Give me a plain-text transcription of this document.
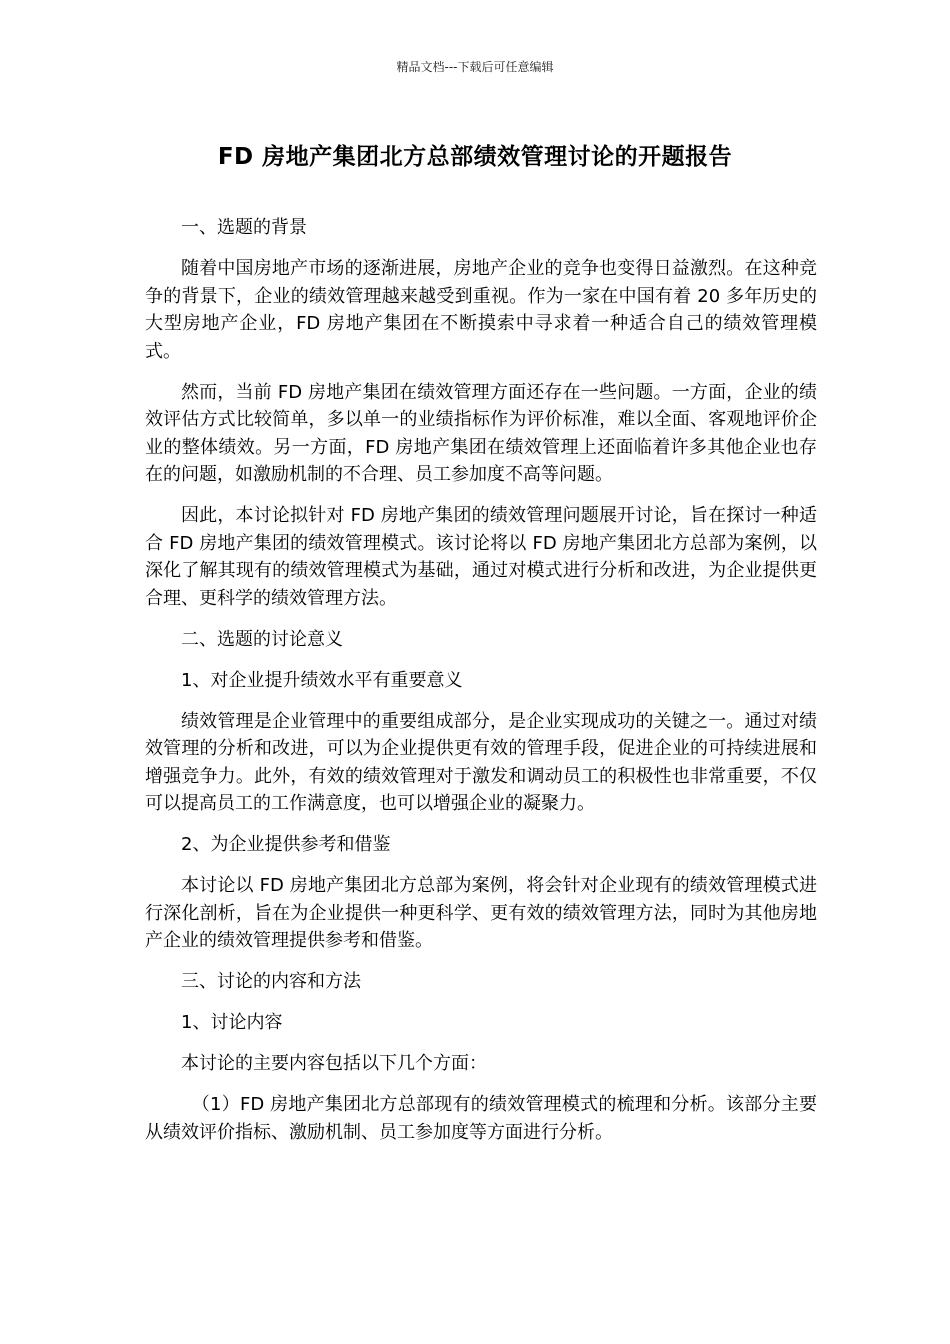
精品文档---下载后可任意编辑
FD 房地产集团北方总部绩效管理讨论的开题报告
一、选题的背景
随着中国房地产市场的逐渐进展，房地产企业的竞争也变得日益激烈。在这种竞争的背景下，企业的绩效管理越来越受到重视。作为一家在中国有着 20 多年历史的大型房地产企业，FD 房地产集团在不断摸索中寻求着一种适合自己的绩效管理模式。
然而，当前 FD 房地产集团在绩效管理方面还存在一些问题。一方面，企业的绩效评估方式比较简单，多以单一的业绩指标作为评价标准，难以全面、客观地评价企业的整体绩效。另一方面，FD 房地产集团在绩效管理上还面临着许多其他企业也存在的问题，如激励机制的不合理、员工参加度不高等问题。
因此，本讨论拟针对 FD 房地产集团的绩效管理问题展开讨论，旨在探讨一种适合 FD 房地产集团的绩效管理模式。该讨论将以 FD 房地产集团北方总部为案例，以深化了解其现有的绩效管理模式为基础，通过对模式进行分析和改进，为企业提供更合理、更科学的绩效管理方法。
二、选题的讨论意义
1、对企业提升绩效水平有重要意义
绩效管理是企业管理中的重要组成部分，是企业实现成功的关键之一。通过对绩效管理的分析和改进，可以为企业提供更有效的管理手段，促进企业的可持续进展和增强竞争力。此外，有效的绩效管理对于激发和调动员工的积极性也非常重要，不仅可以提高员工的工作满意度，也可以增强企业的凝聚力。
2、为企业提供参考和借鉴
本讨论以 FD 房地产集团北方总部为案例，将会针对企业现有的绩效管理模式进行深化剖析，旨在为企业提供一种更科学、更有效的绩效管理方法，同时为其他房地产企业的绩效管理提供参考和借鉴。
三、讨论的内容和方法
1、讨论内容
本讨论的主要内容包括以下几个方面：
（1）FD 房地产集团北方总部现有的绩效管理模式的梳理和分析。该部分主要从绩效评价指标、激励机制、员工参加度等方面进行分析。
